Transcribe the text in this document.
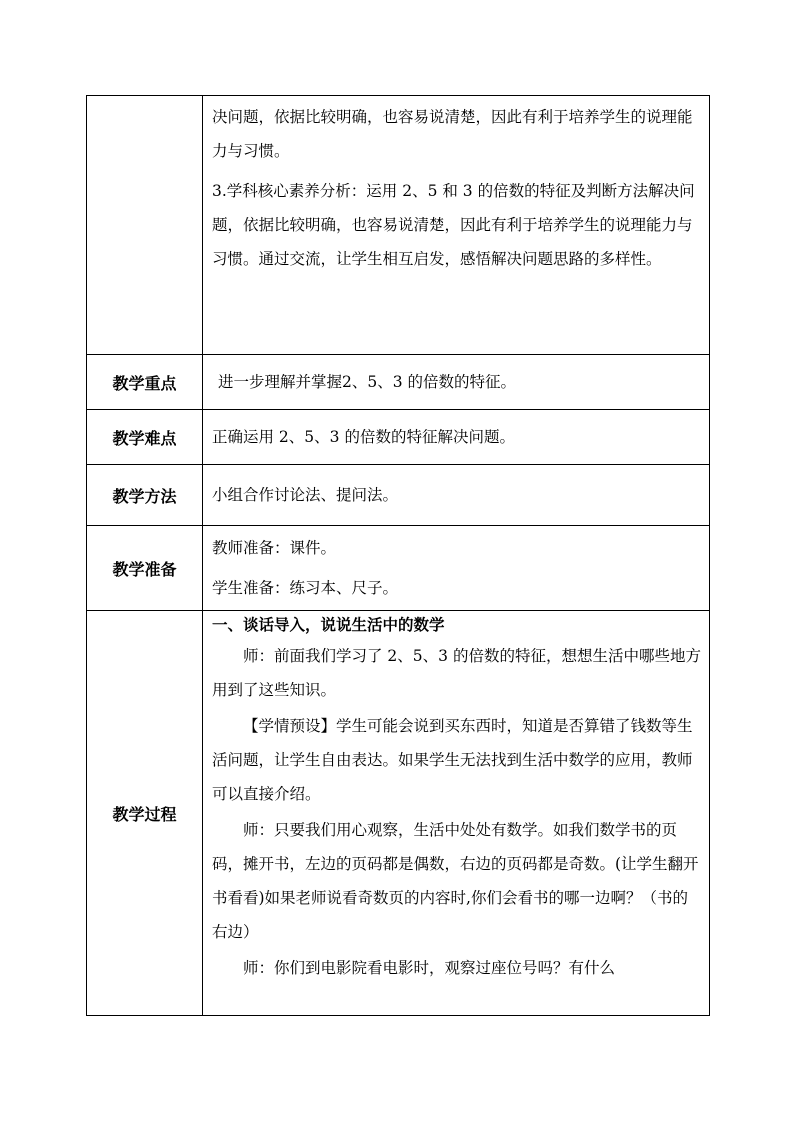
	决问题，依据比较明确，也容易说清楚，因此有利于培养学生的说理能力与习惯。

3.学科核心素养分析：运用 2、5 和 3 的倍数的特征及判断方法解决问题，依据比较明确，也容易说清楚，因此有利于培养学生的说理能力与习惯。通过交流，让学生相互启发，感悟解决问题思路的多样性。

教学重点	进一步理解并掌握2、5、3 的倍数的特征。

教学难点	正确运用 2、5、3 的倍数的特征解决问题。

教学方法	小组合作讨论法、提问法。

教学准备	教师准备：课件。

学生准备：练习本、尺子。

教学过程	一、谈话导入，说说生活中的数学

师：前面我们学习了 2、5、3 的倍数的特征，想想生活中哪些地方用到了这些知识。

【学情预设】学生可能会说到买东西时，知道是否算错了钱数等生活问题，让学生自由表达。如果学生无法找到生活中数学的应用，教师可以直接介绍。

师：只要我们用心观察，生活中处处有数学。如我们数学书的页码，摊开书，左边的页码都是偶数，右边的页码都是奇数。(让学生翻开书看看)如果老师说看奇数页的内容时,你们会看书的哪一边啊？（书的右边）

师：你们到电影院看电影时，观察过座位号吗？有什么
